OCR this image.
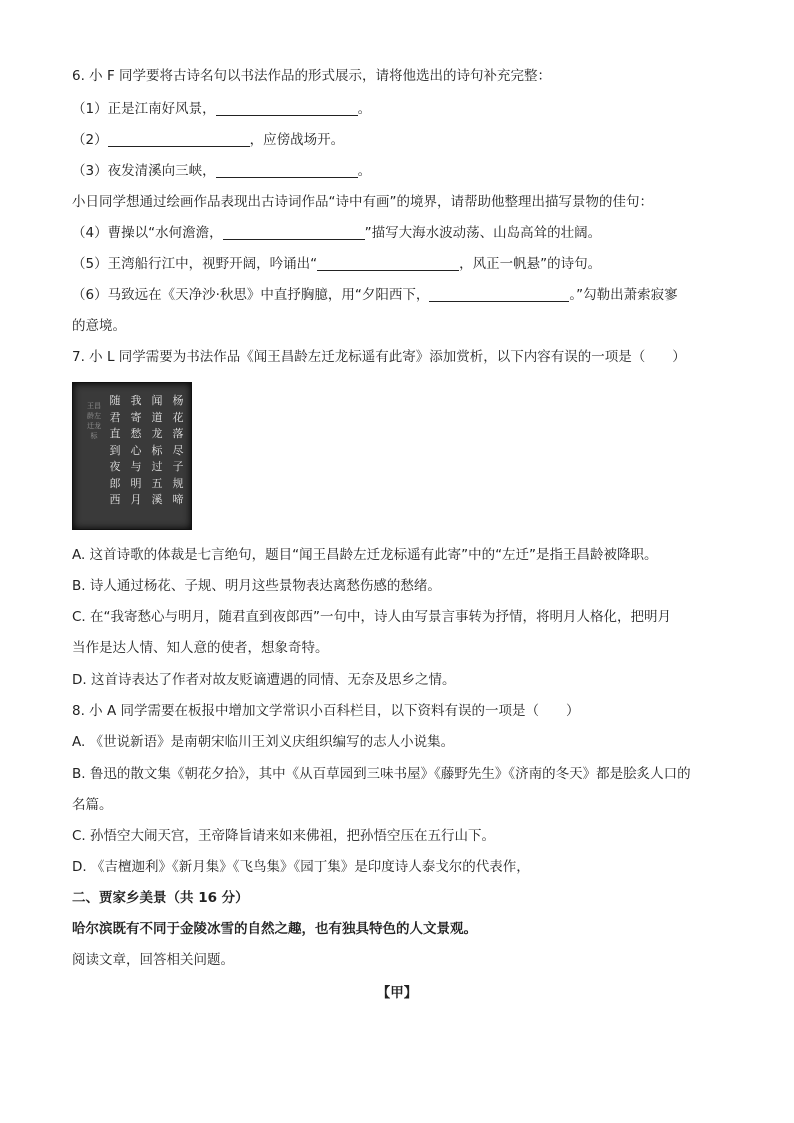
6. 小 F 同学要将古诗名句以书法作品的形式展示，请将他选出的诗句补充完整：
（1）正是江南好风景，	。
（2）	，应傍战场开。
（3）夜发清溪向三峡，	。
小日同学想通过绘画作品表现出古诗词作品“诗中有画”的境界，请帮助他整理出描写景物的佳句：
（4）曹操以“水何澹澹，	”描写大海水波动荡、山岛高耸的壮阔。
（5）王湾船行江中，视野开阔，吟诵出“	，风正一帆悬”的诗句。
（6）马致远在《天净沙·秋思》中直抒胸臆，用“夕阳西下，	。”勾勒出萧索寂寥
的意境。
7. 小 L 同学需要为书法作品《闻王昌龄左迁龙标遥有此寄》添加赏析，以下内容有误的一项是（　　）
杨花落尽子规啼
闻道龙标过五溪
我寄愁心与明月
随君直到夜郎西
王昌龄左迁龙标
A. 这首诗歌的体裁是七言绝句，题目“闻王昌龄左迁龙标遥有此寄”中的“左迁”是指王昌龄被降职。
B. 诗人通过杨花、子规、明月这些景物表达离愁伤感的愁绪。
C. 在“我寄愁心与明月，随君直到夜郎西”一句中，诗人由写景言事转为抒情，将明月人格化，把明月
当作是达人情、知人意的使者，想象奇特。
D. 这首诗表达了作者对故友贬谪遭遇的同情、无奈及思乡之情。
8. 小 A 同学需要在板报中增加文学常识小百科栏目，以下资料有误的一项是（　　）
A. 《世说新语》是南朝宋临川王刘义庆组织编写的志人小说集。
B. 鲁迅的散文集《朝花夕拾》，其中《从百草园到三味书屋》《藤野先生》《济南的冬天》都是脍炙人口的
名篇。
C. 孙悟空大闹天宫，王帝降旨请来如来佛祖，把孙悟空压在五行山下。
D. 《吉檀迦利》《新月集》《飞鸟集》《园丁集》是印度诗人泰戈尔的代表作，
二、贾家乡美景（共 16 分）
哈尔滨既有不同于金陵冰雪的自然之趣，也有独具特色的人文景观。
阅读文章，回答相关问题。
【甲】
